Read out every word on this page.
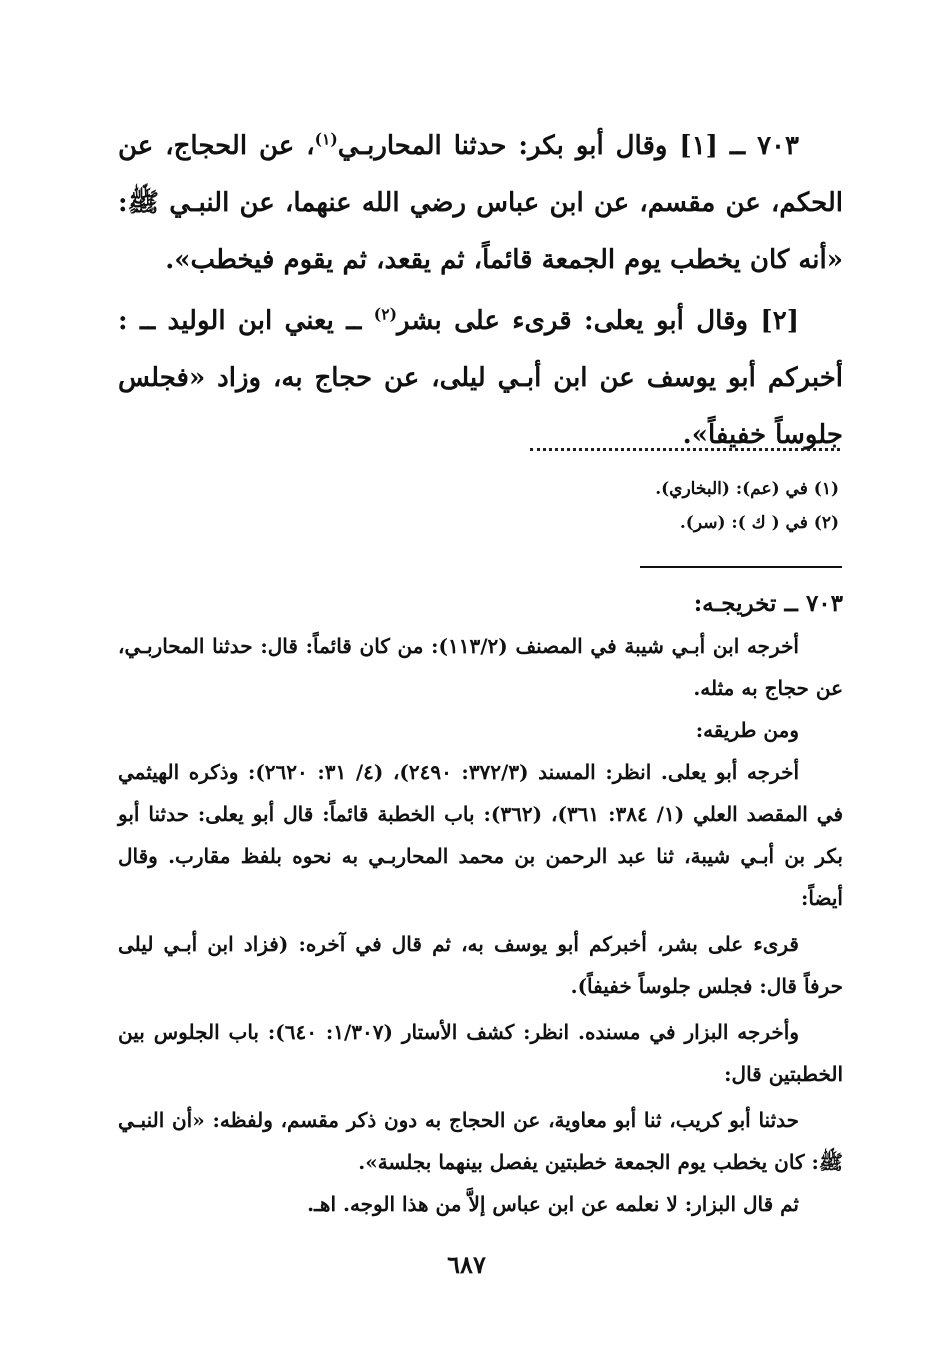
٧٠٣ ــ [١] وقال أبو بكر: حدثنا المحاربـي$^{(١)}$، عن الحجاج، عن الحكم، عن مقسم، عن ابن عباس رضي الله عنهما، عن النبـي ﷺ: «أنه كان يخطب يوم الجمعة قائماً، ثم يقعد، ثم يقوم فيخطب».

[٢] وقال أبو يعلى: قرىء على بشر$^{(٢)}$ ــ يعني ابن الوليد ــ : أخبركم أبو يوسف عن ابن أبـي ليلى، عن حجاج به، وزاد «فجلس جلوساً خفيفاً».

(١) في (عم): (البخاري).

(٢) في ( ك ): (سر).

٧٠٣ ــ تخريجـه:

أخرجه ابن أبـي شيبة في المصنف (١١٣/٢): من كان قائماً: قال: حدثنا المحاربـي، عن حجاج به مثله.

ومن طريقه:

أخرجه أبو يعلى. انظر: المسند (٣٧٢/٣: ٢٤٩٠)، (٤/ ٣١: ٢٦٢٠): وذكره الهيثمي في المقصد العلي (١/ ٣٨٤: ٣٦١)، (٣٦٢): باب الخطبة قائماً: قال أبو يعلى: حدثنا أبو بكر بن أبـي شيبة، ثنا عبد الرحمن بن محمد المحاربـي به نحوه بلفظ مقارب. وقال أيضاً:

قرىء على بشر، أخبركم أبو يوسف به، ثم قال في آخره: (فزاد ابن أبـي ليلى حرفاً قال: فجلس جلوساً خفيفاً).

وأخرجه البزار في مسنده. انظر: كشف الأستار (١/٣٠٧: ٦٤٠): باب الجلوس بين الخطبتين قال:

حدثنا أبو كريب، ثنا أبو معاوية، عن الحجاج به دون ذكر مقسم، ولفظه: «أن النبـي ﷺ: كان يخطب يوم الجمعة خطبتين يفصل بينهما بجلسة».

ثم قال البزار: لا نعلمه عن ابن عباس إلاَّ من هذا الوجه. اهـ.

٦٨٧
